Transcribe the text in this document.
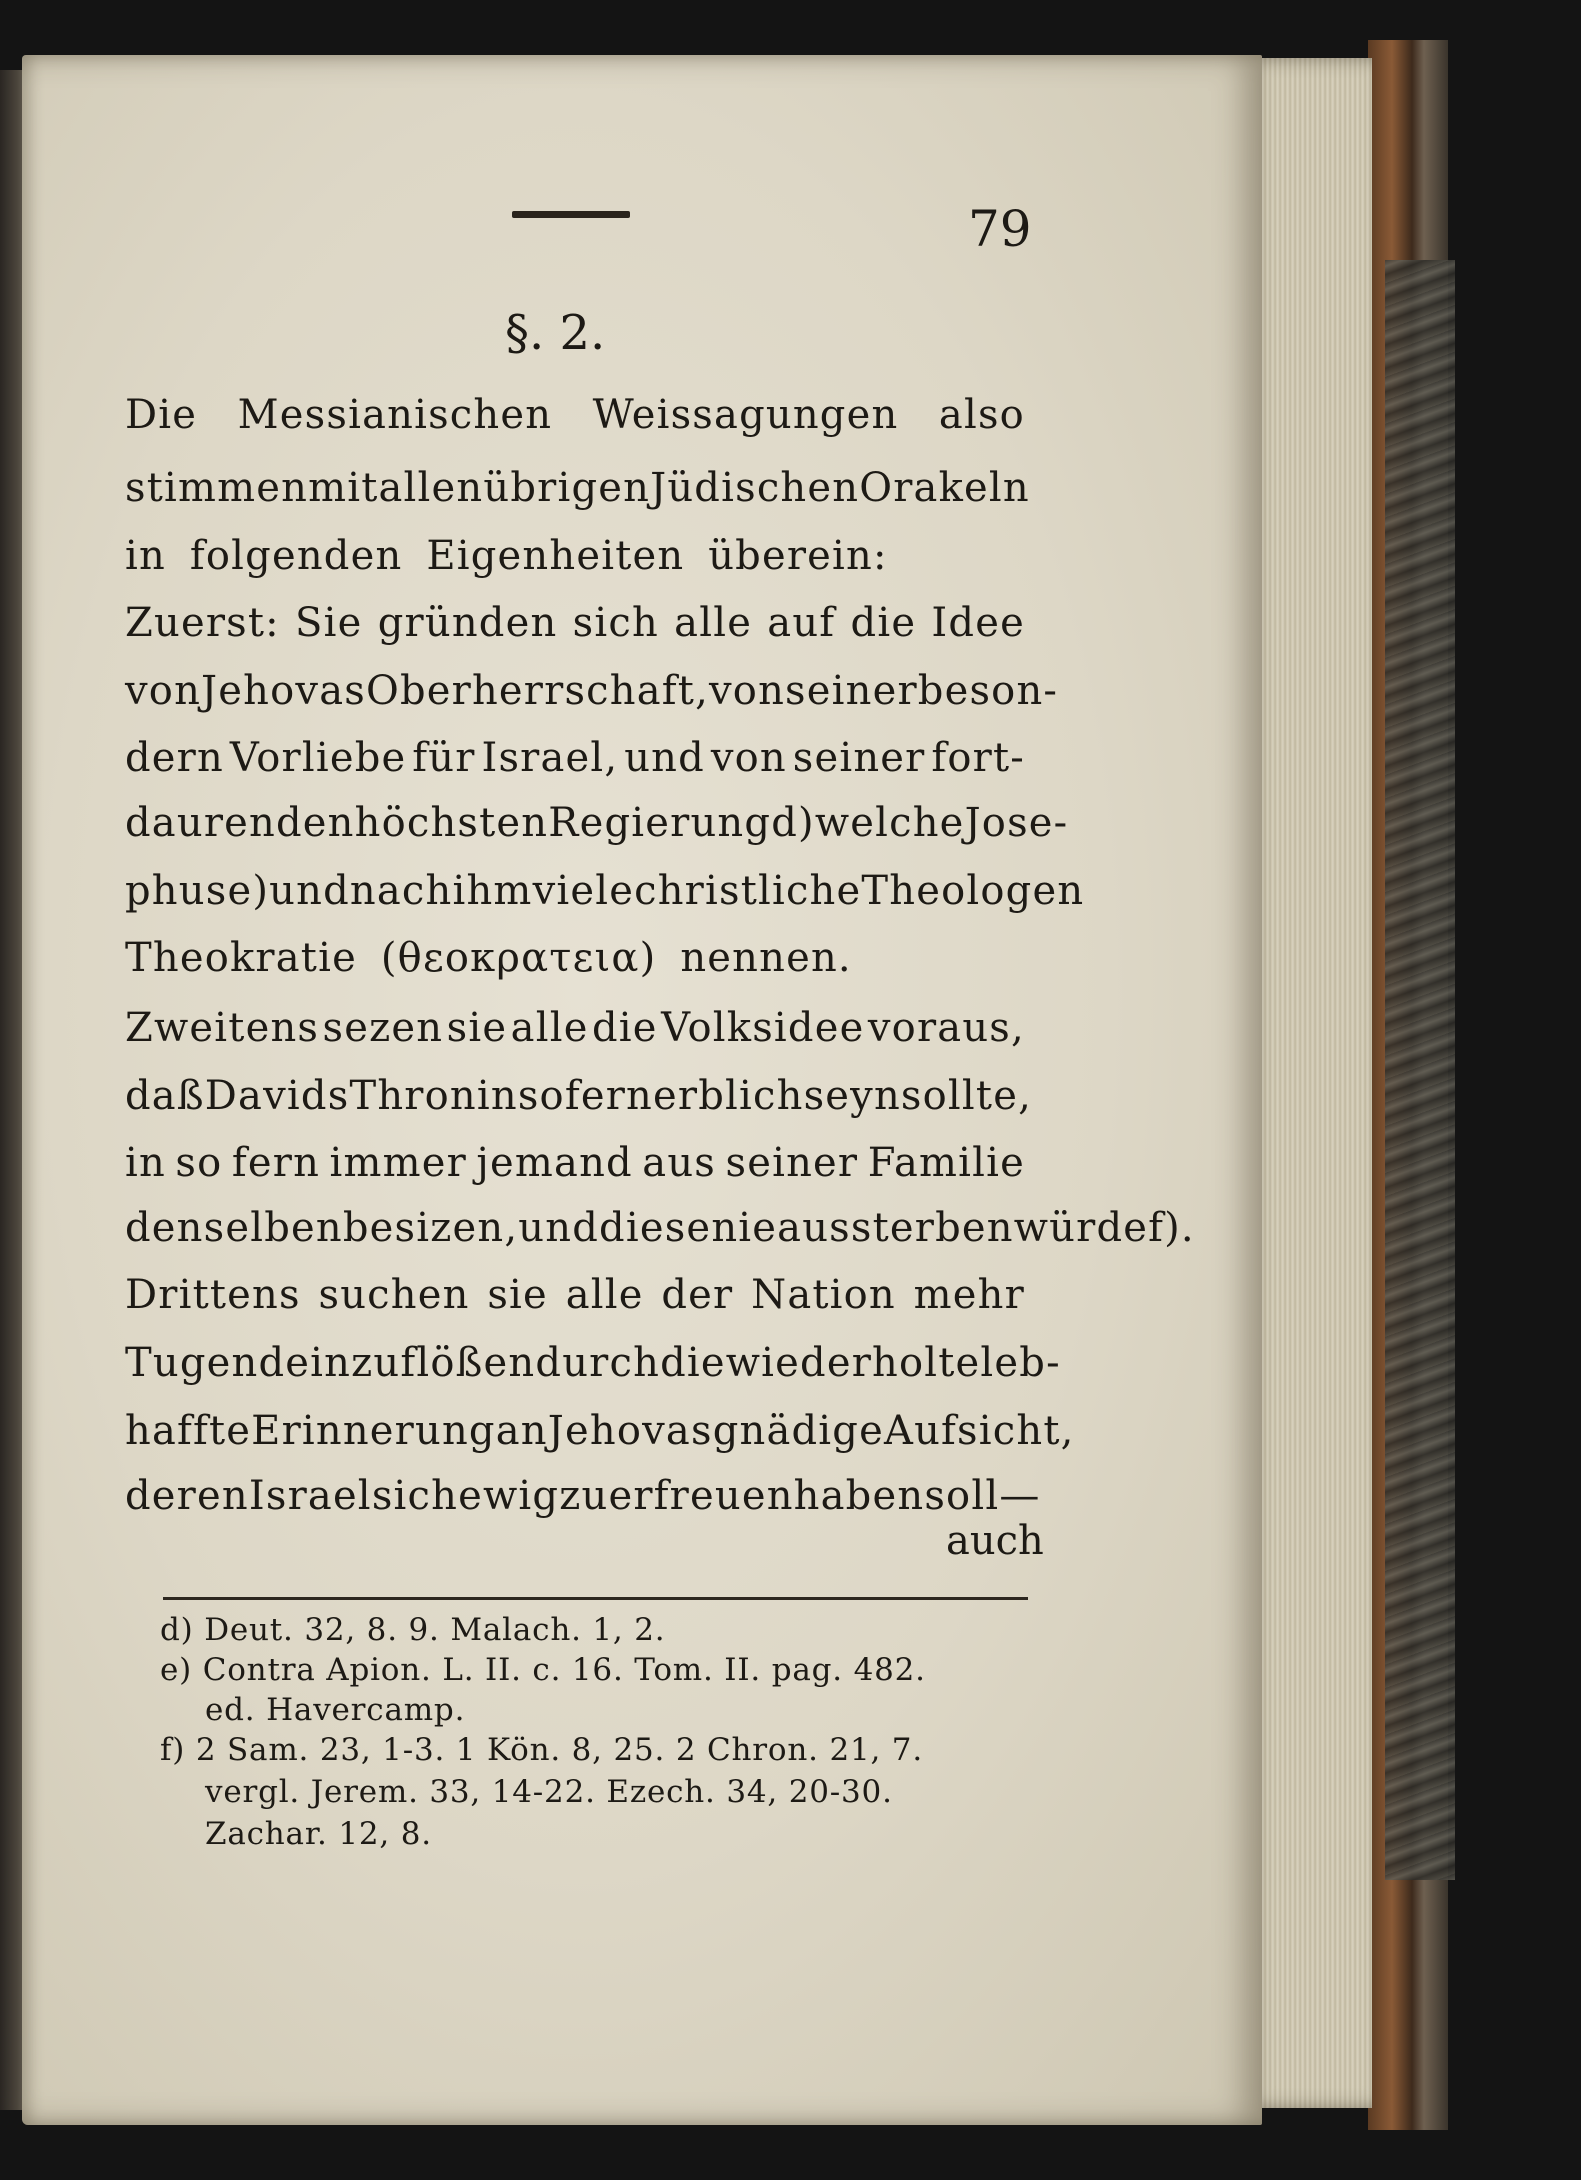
79
§. 2.
Die Messianischen Weissagungen also
stimmen mit allen übrigen Jüdischen Orakeln
in folgenden Eigenheiten überein:
Zuerst: Sie gründen sich alle auf die Idee
von Jehovas Oberherrschaft, von seiner beson-
dern Vorliebe für Israel, und von seiner fort-
daurenden höchsten Regierung d) welche Jose-
phus e) und nach ihm viele christliche Theologen
Theokratie (θεοκρατεια) nennen.
Zweitens sezen sie alle die Volksidee voraus,
daß Davids Thron in so fern erblich seyn sollte,
in so fern immer jemand aus seiner Familie
denselben besizen, und diese nie aussterben würde f).
Drittens suchen sie alle der Nation mehr
Tugend einzuflößen durch die wiederholte leb-
haffte Erinnerung an Jehovas gnädige Aufsicht,
deren Israel sich ewig zu erfreuen haben soll —
auch
d) Deut. 32, 8. 9. Malach. 1, 2.
e) Contra Apion. L. II. c. 16. Tom. II. pag. 482.
ed. Havercamp.
f) 2 Sam. 23, 1-3. 1 Kön. 8, 25. 2 Chron. 21, 7.
vergl. Jerem. 33, 14-22. Ezech. 34, 20-30.
Zachar. 12, 8.
